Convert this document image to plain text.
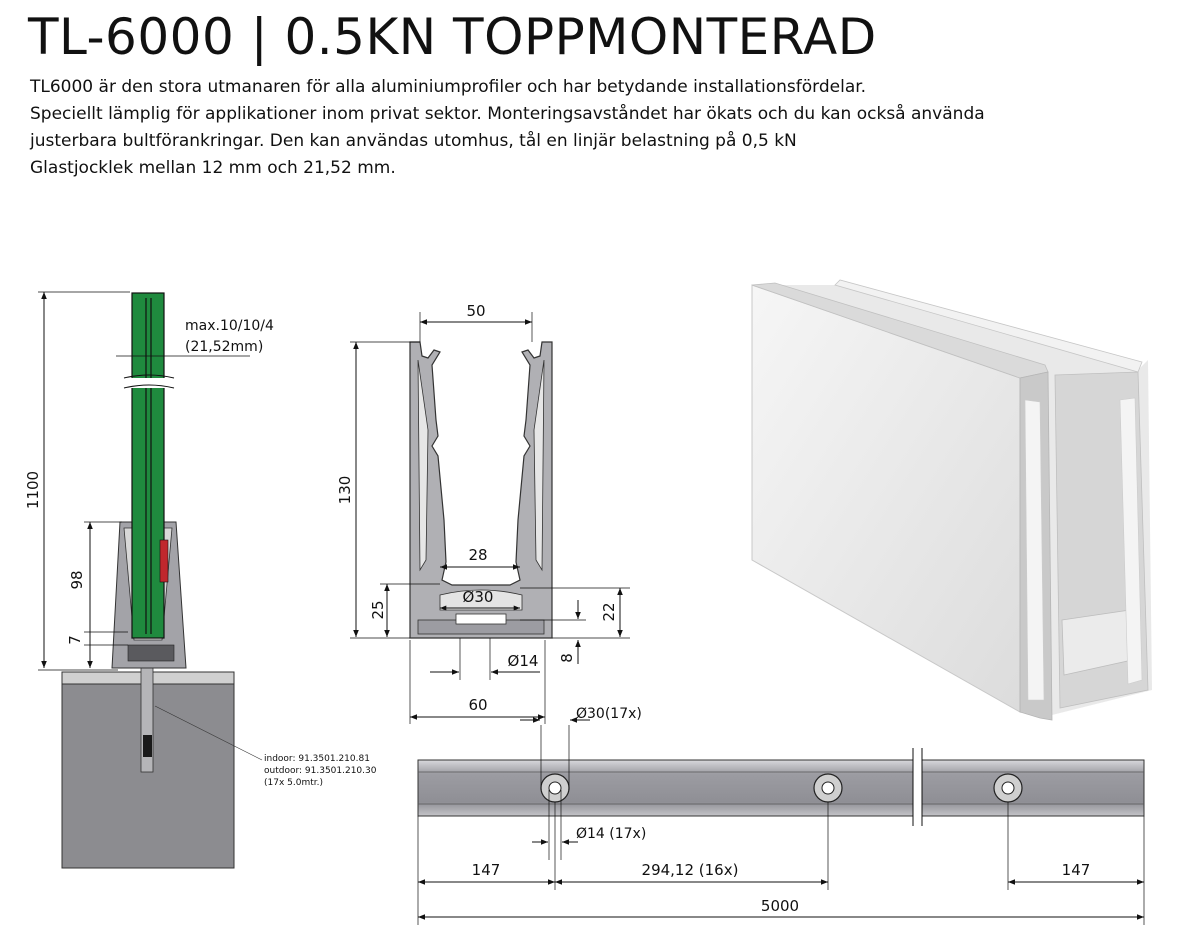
TL-6000 | 0.5KN TOPPMONTERAD

TL6000 är den stora utmanaren för alla aluminiumprofiler och har betydande installationsfördelar.

Speciellt lämplig för applikationer inom privat sektor. Monteringsavståndet har ökats och du kan också använda

justerbara bultförankringar. Den kan användas utomhus, tål en linjär belastning på 0,5 kN

Glastjocklek mellan 12 mm och 21,52 mm.

1100
98
7
max.10/10/4
(21,52mm)
indoor: 91.3501.210.81
outdoor: 91.3501.210.30
(17x 5.0mtr.)
50
130
28
Ø30
25	22
8
Ø14
60	Ø30(17x)
Ø14 (17x)
147	294,12 (16x)	147
5000
